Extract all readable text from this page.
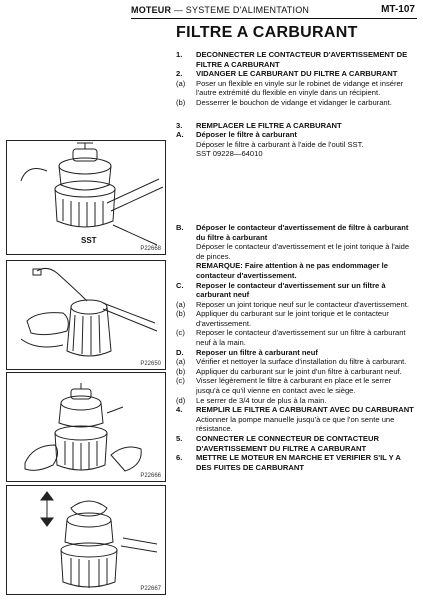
MOTEUR — SYSTEME D'ALIMENTATION	MT-107
SST
P22668
P22650
P22666
P22667
FILTRE A CARBURANT
1.	DECONNECTER LE CONTACTEUR D'AVERTISSEMENT DE FILTRE A CARBURANT
2.	VIDANGER LE CARBURANT DU FILTRE A CARBURANT
(a)	Poser un flexible en vinyle sur le robinet de vidange et insérer l'autre extrémité du flexible en vinyle dans un récipient.
(b)	Desserrer le bouchon de vidange et vidanger le carburant.
3.	REMPLACER LE FILTRE A CARBURANT
A.	Déposer le filtre à carburant
Déposer le filtre à carburant à l'aide de l'outil SST.
SST 09228—64010
B.	Déposer le contacteur d'avertissement de filtre à carburant du filtre à carburant
Déposer le contacteur d'avertissement et le joint torique à l'aide de pinces.
REMARQUE: Faire attention à ne pas endommager le contacteur d'avertissement.
C.	Reposer le contacteur d'avertissement sur un filtre à carburant neuf
(a)	Reposer un joint torique neuf sur le contacteur d'avertissement.
(b)	Appliquer du carburant sur le joint torique et le contacteur d'avertissement.
(c)	Reposer le contacteur d'avertissement sur un filtre à carburant neuf à la main.
D.	Reposer un filtre à carburant neuf
(a)	Vérifier et nettoyer la surface d'installation du filtre à carburant.
(b)	Appliquer du carburant sur le joint d'un filtre à carburant neuf.
(c)	Visser légèrement le filtre à carburant en place et le serrer jusqu'à ce qu'il vienne en contact avec le siège.
(d)	Le serrer de 3/4 tour de plus à la main.
4.	REMPLIR LE FILTRE A CARBURANT AVEC DU CARBURANT
Actionner la pompe manuelle jusqu'à ce que l'on sente une résistance.
5.	CONNECTER LE CONNECTEUR DE CONTACTEUR D'AVERTISSEMENT DU FILTRE A CARBURANT
6.	METTRE LE MOTEUR EN MARCHE ET VERIFIER S'IL Y A DES FUITES DE CARBURANT
